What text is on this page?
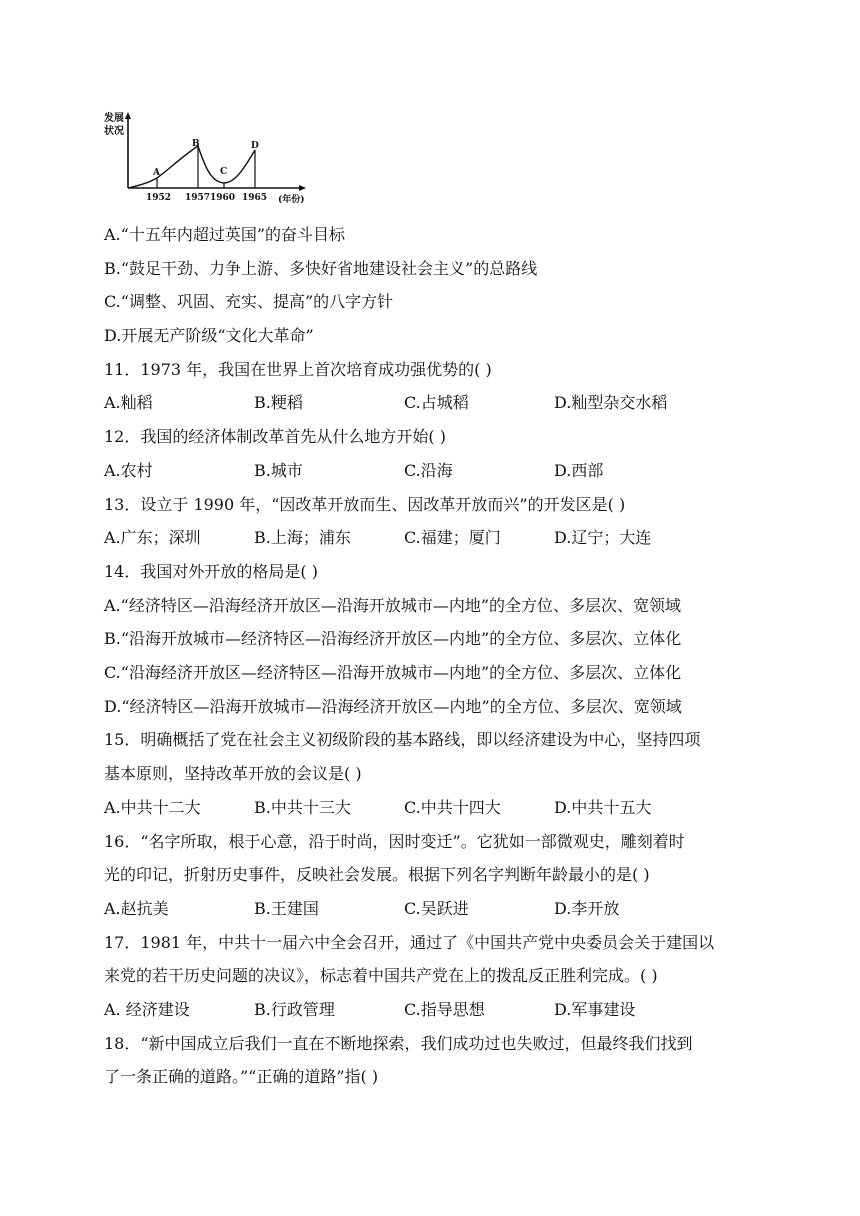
发 展
状 况
A
B
C
D
1952 1957 1960 1965 (年份)
A.“十五年内超过英国”的奋斗目标
B.“鼓足干劲、力争上游、多快好省地建设社会主义”的总路线
C.“调整、巩固、充实、提高”的八字方针
D.开展无产阶级“文化大革命”
11．1973 年，我国在世界上首次培育成功强优势的( )
A.籼稻	B.粳稻	C.占城稻	D.籼型杂交水稻
12．我国的经济体制改革首先从什么地方开始( )
A.农村	B.城市	C.沿海	D.西部
13．设立于 1990 年，“因改革开放而生、因改革开放而兴”的开发区是( )
A.广东；深圳	B.上海；浦东	C.福建；厦门	D.辽宁；大连
14．我国对外开放的格局是( )
A.“经济特区—沿海经济开放区—沿海开放城市—内地”的全方位、多层次、宽领域
B.“沿海开放城市—经济特区—沿海经济开放区—内地”的全方位、多层次、立体化
C.“沿海经济开放区—经济特区—沿海开放城市—内地”的全方位、多层次、立体化
D.“经济特区—沿海开放城市—沿海经济开放区—内地”的全方位、多层次、宽领域
15．明确概括了党在社会主义初级阶段的基本路线，即以经济建设为中心，坚持四项
基本原则，坚持改革开放的会议是( )
A.中共十二大	B.中共十三大	C.中共十四大	D.中共十五大
16．“名字所取，根于心意，沿于时尚，因时变迁”。它犹如一部微观史，雕刻着时
光的印记，折射历史事件，反映社会发展。根据下列名字判断年龄最小的是( )
A.赵抗美	B.王建国	C.吴跃进	D.李开放
17．1981 年，中共十一届六中全会召开，通过了《中国共产党中央委员会关于建国以
来党的若干历史问题的决议》，标志着中国共产党在上的拨乱反正胜利完成。( )
A. 经济建设	B.行政管理	C.指导思想	D.军事建设
18．“新中国成立后我们一直在不断地探索，我们成功过也失败过，但最终我们找到
了一条正确的道路。”“正确的道路”指( )
